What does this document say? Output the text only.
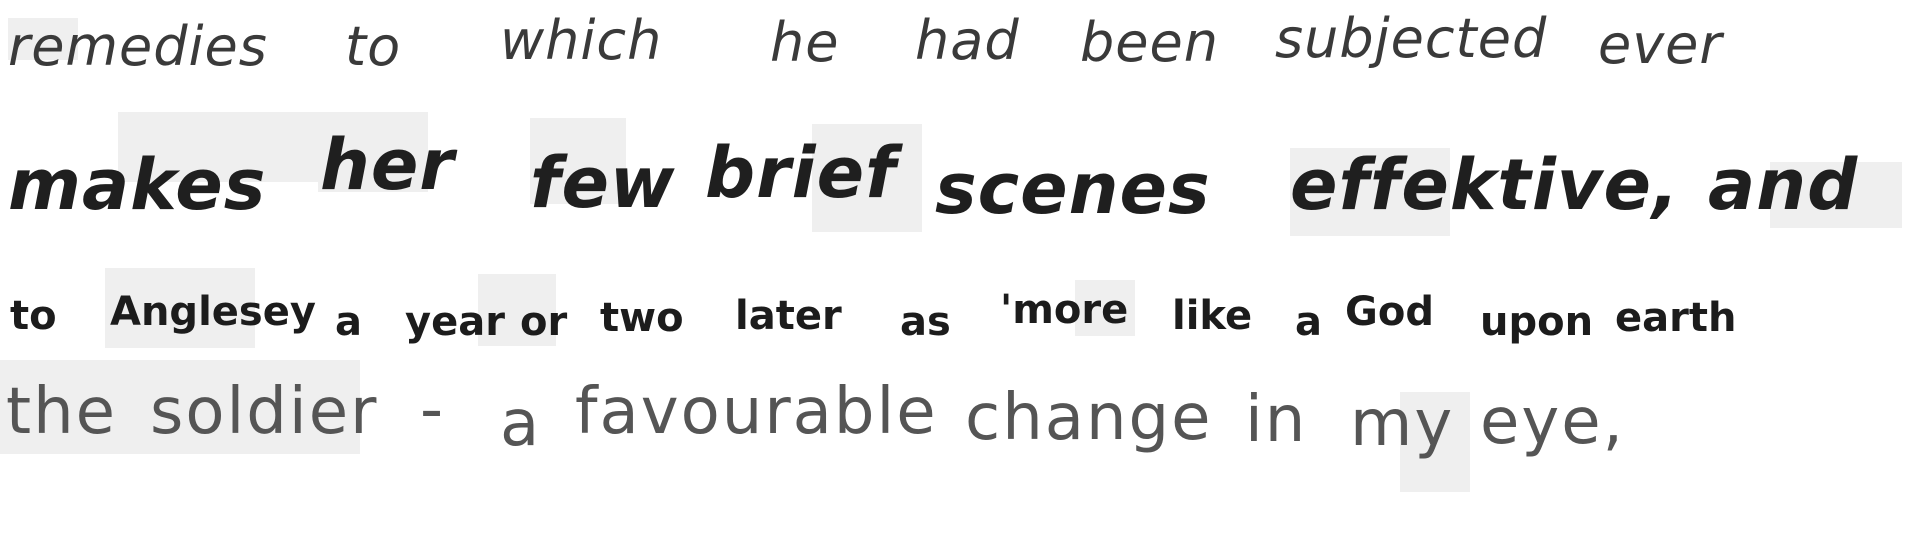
remedies to which he had been subjected ever
makes her few brief scenes effektive, and
to Anglesey a year or two later as 'more like a God upon earth
the soldier - a favourable change in my eye,
